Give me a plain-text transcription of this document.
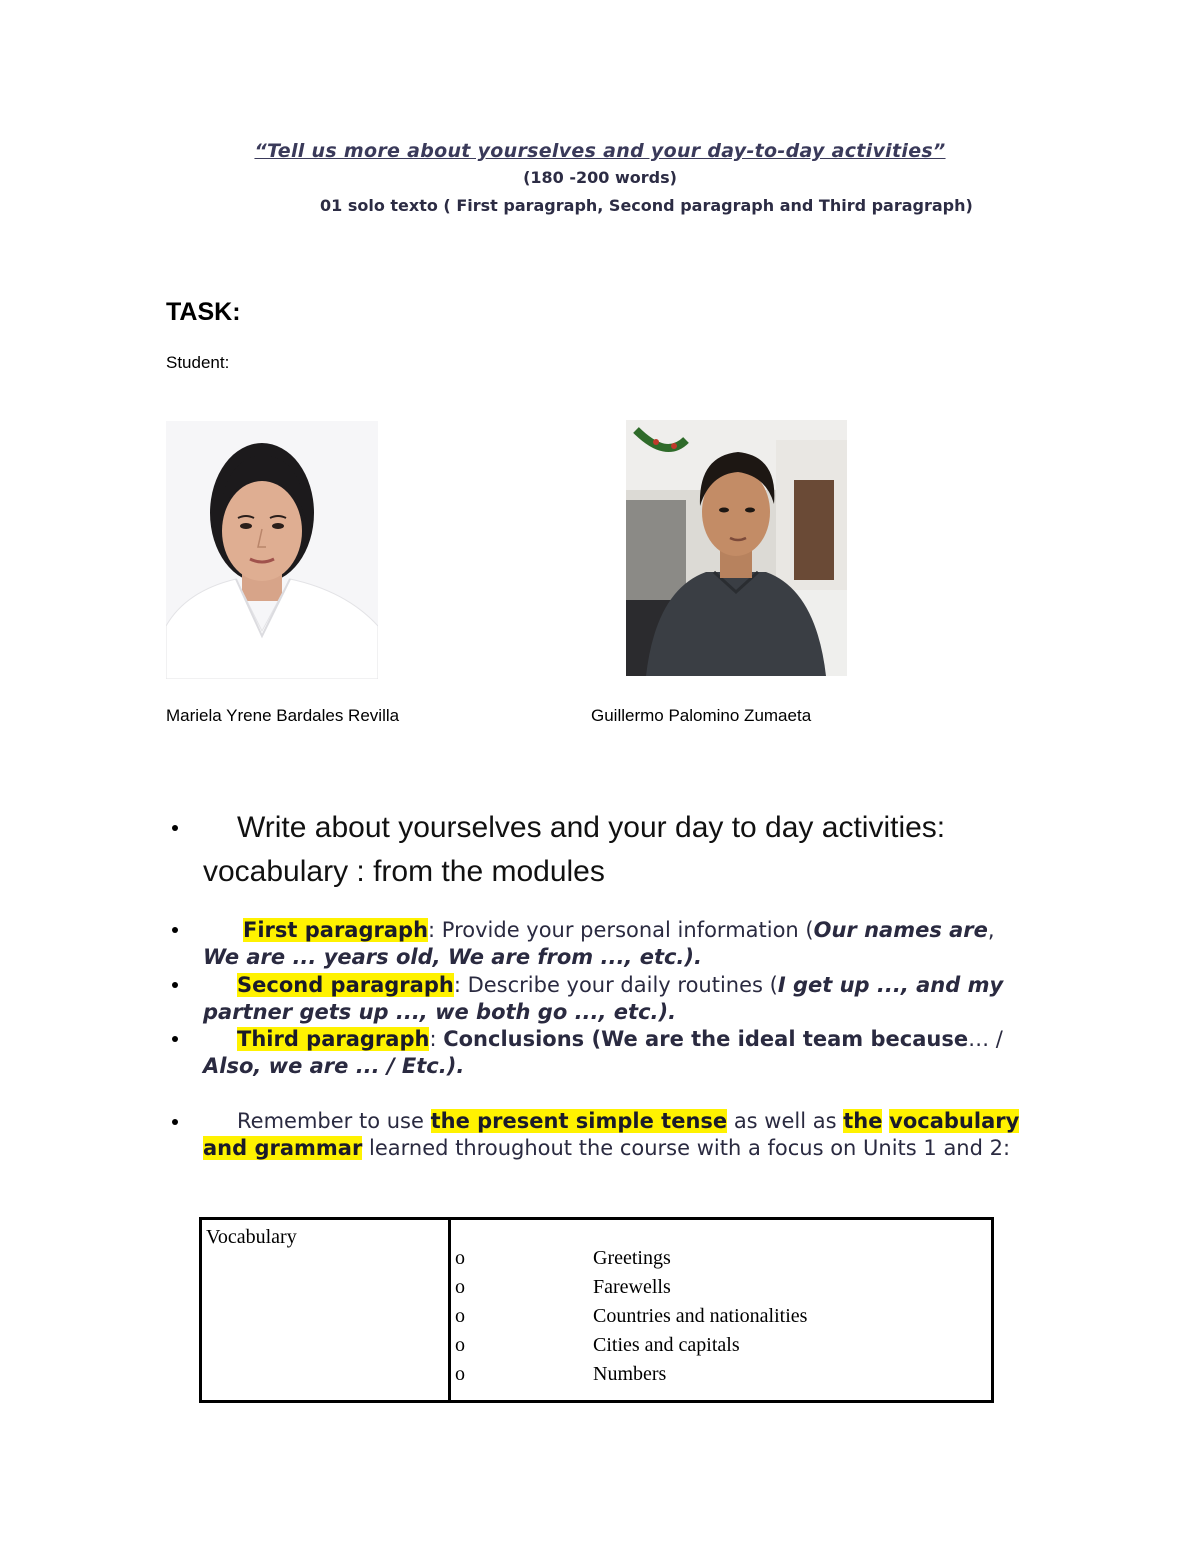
“Tell us more about yourselves and your day-to-day activities”
(180 -200 words)
01 solo texto ( First paragraph, Second paragraph and Third paragraph)
TASK:
Student:
Mariela Yrene Bardales Revilla	Guillermo Palomino Zumaeta
Write about yourselves and your day to day activities:
vocabulary : from the modules
First paragraph: Provide your personal information (Our names are, We are ... years old, We are from ..., etc.).
Second paragraph: Describe your daily routines (I get up ..., and my partner gets up ..., we both go ..., etc.).
Third paragraph: Conclusions (We are the ideal team because… / Also, we are ... / Etc.).
Remember to use the present simple tense as well as the vocabulary and grammar learned throughout the course with a focus on Units 1 and 2:
Vocabulary	
o	Greetings
o	Farewells
o	Countries and nationalities
o	Cities and capitals
o	Numbers
